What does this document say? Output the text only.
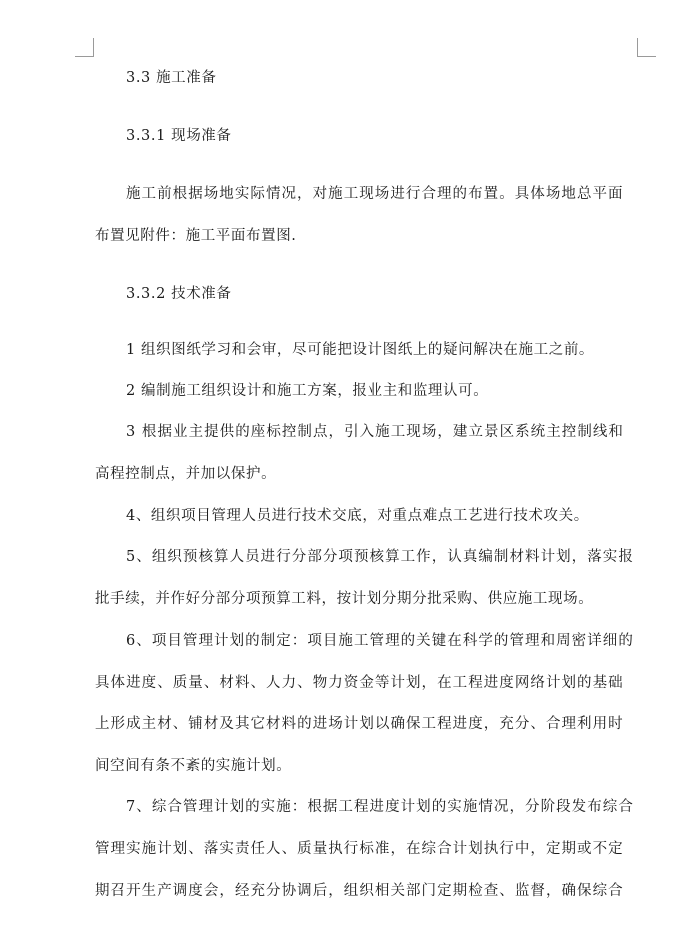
3.3 施工准备
3.3.1 现场准备
施工前根据场地实际情况，对施工现场进行合理的布置。具体场地总平面
布置见附件：施工平面布置图.
3.3.2 技术准备
1 组织图纸学习和会审，尽可能把设计图纸上的疑问解决在施工之前。
2 编制施工组织设计和施工方案，报业主和监理认可。
3 根据业主提供的座标控制点，引入施工现场，建立景区系统主控制线和
高程控制点，并加以保护。
4、组织项目管理人员进行技术交底，对重点难点工艺进行技术攻关。
5、组织预核算人员进行分部分项预核算工作，认真编制材料计划，落实报
批手续，并作好分部分项预算工料，按计划分期分批采购、供应施工现场。
6、项目管理计划的制定：项目施工管理的关键在科学的管理和周密详细的
具体进度、质量、材料、人力、物力资金等计划，在工程进度网络计划的基础
上形成主材、铺材及其它材料的进场计划以确保工程进度，充分、合理利用时
间空间有条不紊的实施计划。
7、综合管理计划的实施：根据工程进度计划的实施情况，分阶段发布综合
管理实施计划、落实责任人、质量执行标准，在综合计划执行中，定期或不定
期召开生产调度会，经充分协调后，组织相关部门定期检查、监督，确保综合
